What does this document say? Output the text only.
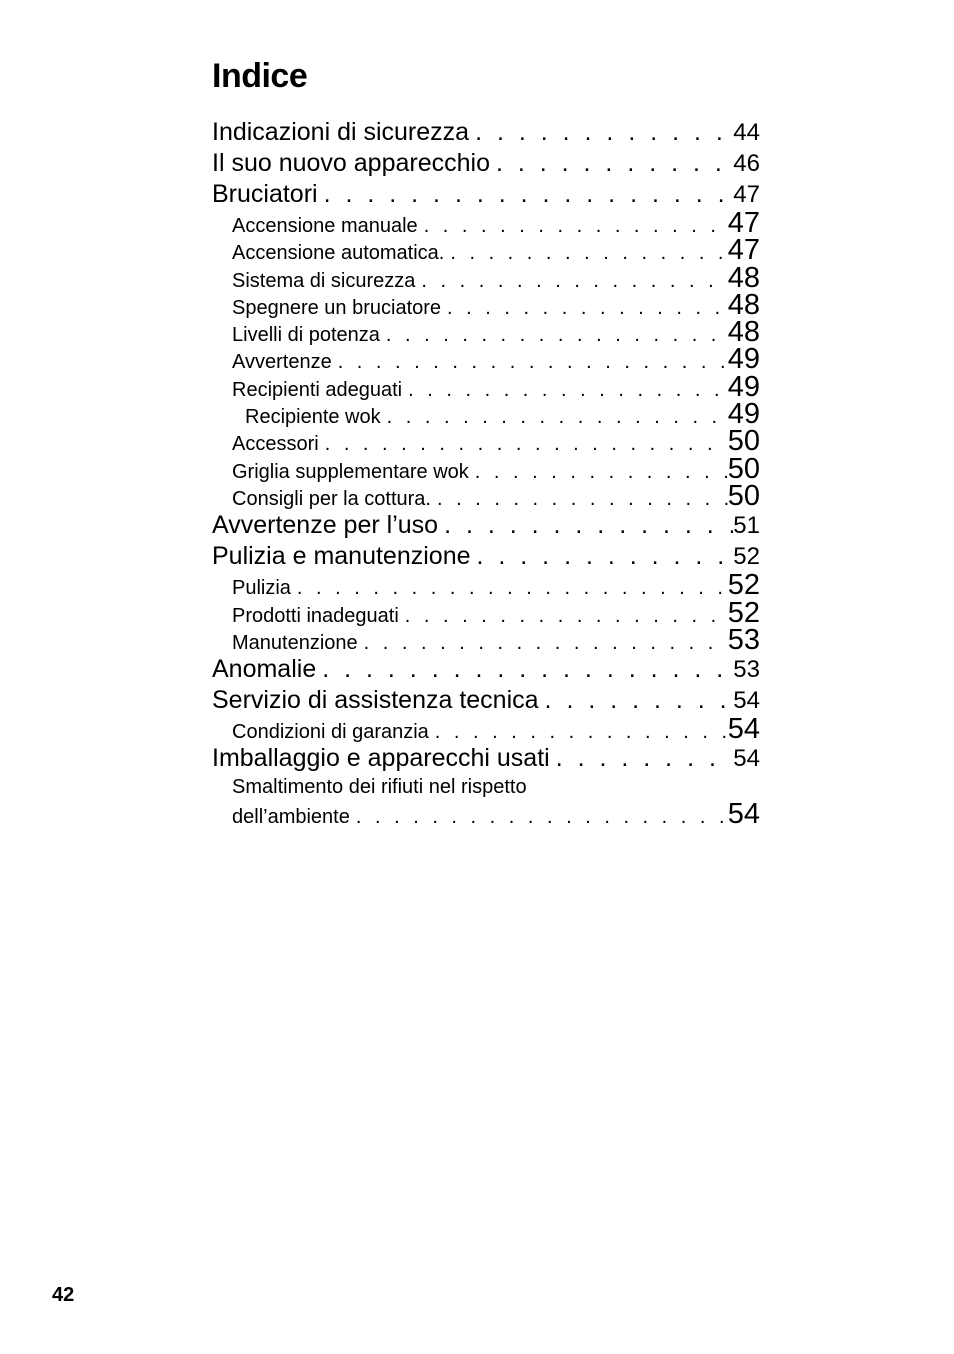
Indice
Indicazioni di sicurezza . . .	44
Il suo nuovo apparecchio . . .	46
Bruciatori . . .	47
Accensione manuale . . .	47
Accensione automatica. . . .	47
Sistema di sicurezza . . .	48
Spegnere un bruciatore . . .	48
Livelli di potenza . . .	48
Avvertenze . . .	49
Recipienti adeguati . . .	49
Recipiente wok . . .	49
Accessori . . .	50
Griglia supplementare wok . . .	50
Consigli per la cottura. . . .	50
Avvertenze per l’uso . . .	51
Pulizia e manutenzione . . .	52
Pulizia . . .	52
Prodotti inadeguati . . .	52
Manutenzione . . .	53
Anomalie . . .	53
Servizio di assistenza tecnica . . .	54
Condizioni di garanzia . . .	54
Imballaggio e apparecchi usati . . .	54
Smaltimento dei rifiuti nel rispetto
dell’ambiente . . .	54
42
